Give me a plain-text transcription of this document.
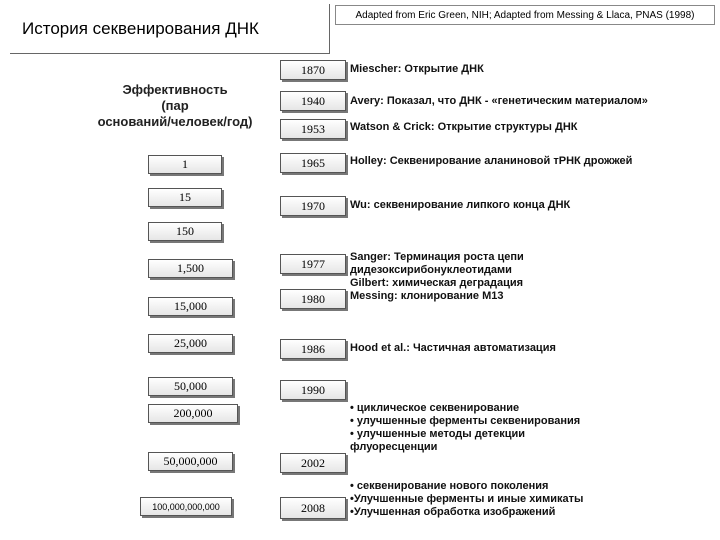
История секвенирования ДНК
Adapted from Eric Green, NIH; Adapted from Messing & Llaca, PNAS (1998)
Эффективность
(пар
оснований/человек/год)
1
15
150
1,500
15,000
25,000
50,000
200,000
50,000,000
100,000,000,000
1870
1940
1953
1965
1970
1977
1980
1986
1990
2002
2008
Miescher: Открытие ДНК
Avery: Показал, что ДНК - «генетическим материалом»
Watson & Crick: Открытие структуры ДНК
Holley: Секвенирование аланиновой тРНК дрожжей
Wu: секвенирование липкого конца ДНК
Sanger: Терминация роста цепи
дидезоксирибонуклеотидами
Gilbert: химическая деградация
Messing: клонирование M13
Hood et al.: Частичная автоматизация
• циклическое секвенирование
• улучшенные ферменты секвенирования
• улучшенные методы детекции
флуоресценции
• секвенирование нового поколения
•Улучшенные ферменты и иные химикаты
•Улучшенная обработка изображений
